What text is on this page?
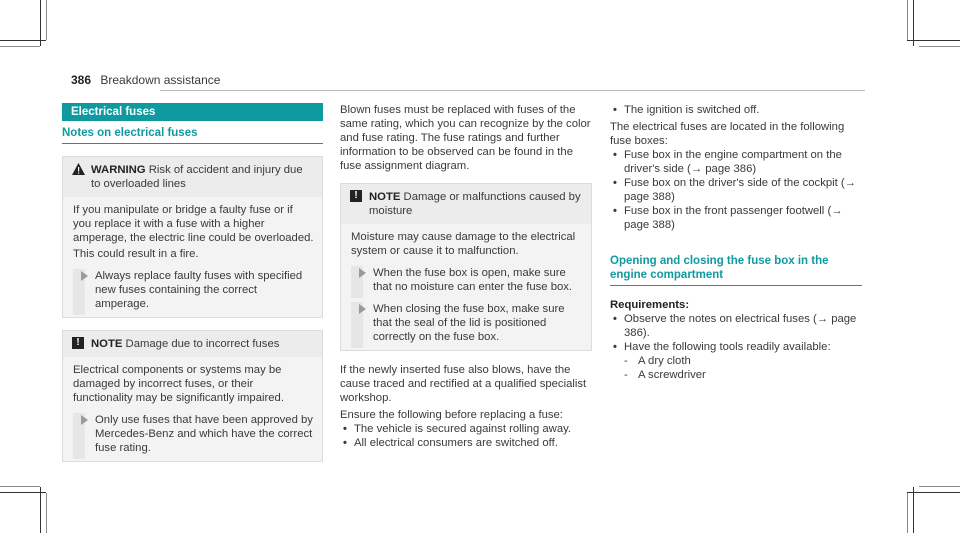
386 Breakdown assistance
Electrical fuses
Notes on electrical fuses
WARNING Risk of accident and injury due to overloaded lines

If you manipulate or bridge a faulty fuse or if you replace it with a fuse with a higher amperage, the electric line could be overloaded.

This could result in a fire.

Always replace faulty fuses with specified new fuses containing the correct amperage.
!	NOTE Damage due to incorrect fuses

Electrical components or systems may be damaged by incorrect fuses, or their functionality may be significantly impaired.

Only use fuses that have been approved by Mercedes-Benz and which have the correct fuse rating.

Blown fuses must be replaced with fuses of the same rating, which you can recognize by the color and fuse rating. The fuse ratings and further information to be observed can be found in the fuse assignment diagram.

!	NOTE Damage or malfunctions caused by moisture

Moisture may cause damage to the electrical system or cause it to malfunction.

When the fuse box is open, make sure that no moisture can enter the fuse box.
When closing the fuse box, make sure that the seal of the lid is positioned correctly on the fuse box.

If the newly inserted fuse also blows, have the cause traced and rectified at a qualified specialist workshop.

Ensure the following before replacing a fuse:

• The vehicle is secured against rolling away.
• All electrical consumers are switched off.
• The ignition is switched off.

The electrical fuses are located in the following fuse boxes:

• Fuse box in the engine compartment on the driver's side (→ page 386)
• Fuse box on the driver's side of the cockpit (→ page 388)
• Fuse box in the front passenger footwell (→ page 388)
Opening and closing the fuse box in the engine compartment

Requirements:

• Observe the notes on electrical fuses (→ page 386).
• Have the following tools readily available:
- A dry cloth
- A screwdriver
